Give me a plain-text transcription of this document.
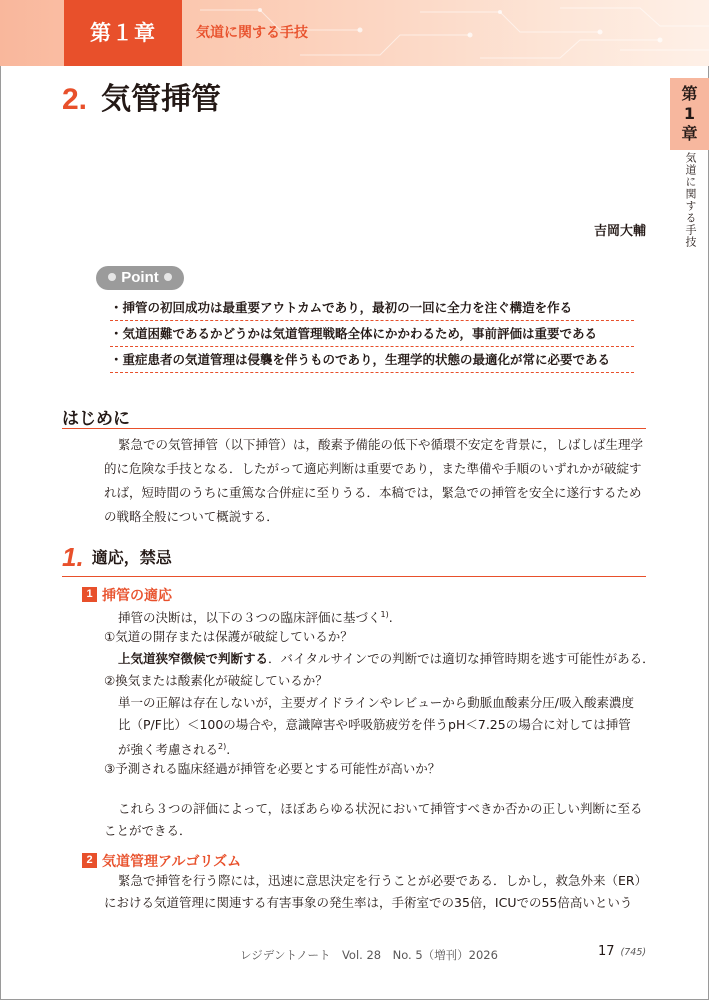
第１章	気道に関する手技
第
1
章
気道に関する手技
2. 気管挿管
吉岡大輔
Point
・挿管の初回成功は最重要アウトカムであり，最初の一回に全力を注ぐ構造を作る
・気道困難であるかどうかは気道管理戦略全体にかかわるため，事前評価は重要である
・重症患者の気道管理は侵襲を伴うものであり，生理学的状態の最適化が常に必要である
はじめに
緊急での気管挿管（以下挿管）は，酸素予備能の低下や循環不安定を背景に，しばしば生理学
的に危険な手技となる．したがって適応判断は重要であり，また準備や手順のいずれかが破綻す
れば，短時間のうちに重篤な合併症に至りうる．本稿では，緊急での挿管を安全に遂行するため
の戦略全般について概説する．
1. 適応，禁忌
1 挿管の適応
挿管の決断は，以下の３つの臨床評価に基づく$^{1)}$.
①気道の開存または保護が破綻しているか？
上気道狭窄徴候で判断する．バイタルサインでの判断では適切な挿管時期を逃す可能性がある．
②換気または酸素化が破綻しているか？
単一の正解は存在しないが，主要ガイドラインやレビューから動脈血酸素分圧/吸入酸素濃度
比（P/F比）＜100の場合や，意識障害や呼吸筋疲労を伴うpH＜7.25の場合に対しては挿管
が強く考慮される$^{2)}$.
③予測される臨床経過が挿管を必要とする可能性が高いか？
これら３つの評価によって，ほぼあらゆる状況において挿管すべきか否かの正しい判断に至る
ことができる．
2 気道管理アルゴリズム
緊急で挿管を行う際には，迅速に意思決定を行うことが必要である．しかし，救急外来（ER）
における気道管理に関連する有害事象の発生率は，手術室での35倍，ICUでの55倍高いという
レジデントノート　Vol. 28　No. 5（増刊）2026	17 (745)
